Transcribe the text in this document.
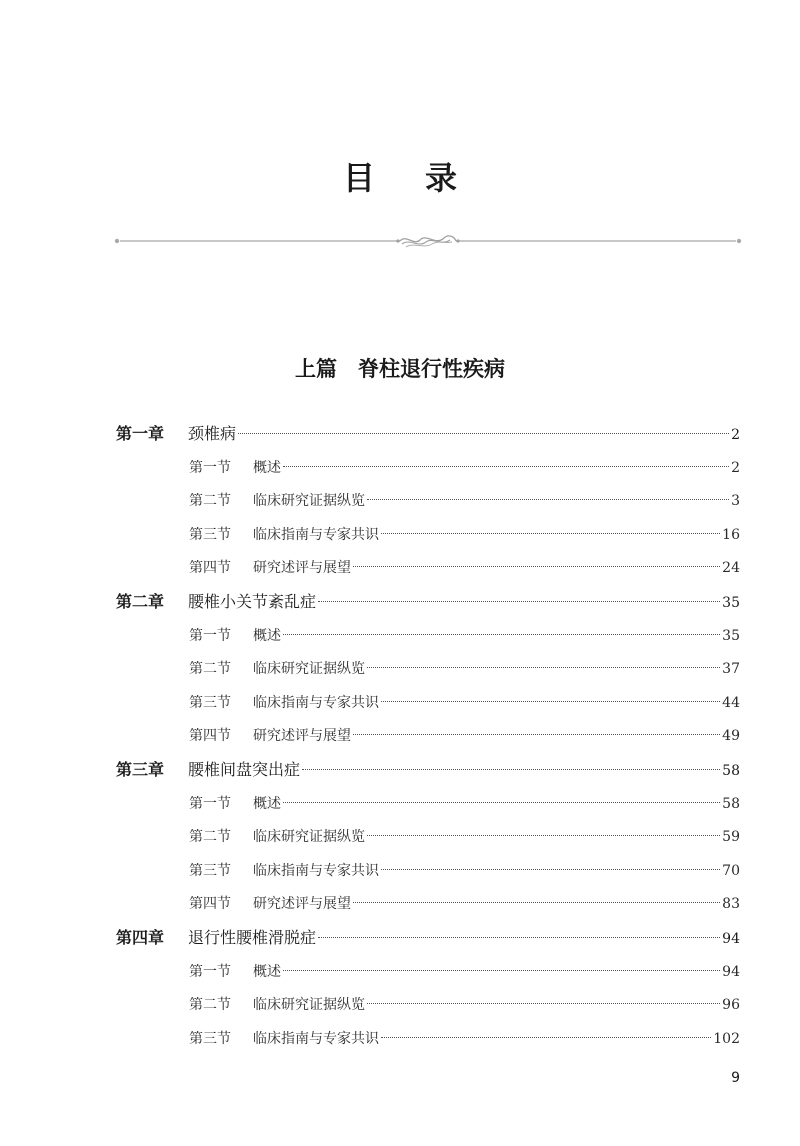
目录
上篇　脊柱退行性疾病
第一章	颈椎病	2
第一节	概述	2
第二节	临床研究证据纵览	3
第三节	临床指南与专家共识	16
第四节	研究述评与展望	24
第二章	腰椎小关节紊乱症	35
第一节	概述	35
第二节	临床研究证据纵览	37
第三节	临床指南与专家共识	44
第四节	研究述评与展望	49
第三章	腰椎间盘突出症	58
第一节	概述	58
第二节	临床研究证据纵览	59
第三节	临床指南与专家共识	70
第四节	研究述评与展望	83
第四章	退行性腰椎滑脱症	94
第一节	概述	94
第二节	临床研究证据纵览	96
第三节	临床指南与专家共识	102
9
